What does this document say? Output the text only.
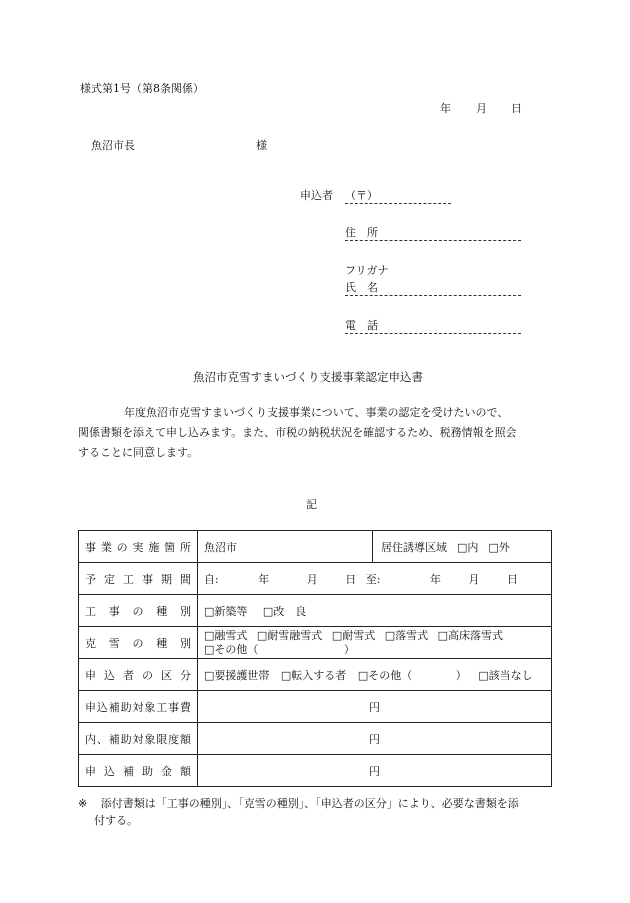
様式第1号（第8条関係）
年 月 日
魚沼市長	様
申込者 （〒）
住　所
フリガナ
氏　名
電　話
魚沼市克雪すまいづくり支援事業認定申込書
年度魚沼市克雪すまいづくり支援事業について、事業の認定を受けたいので、
関係書類を添えて申し込みます。また、市税の納税状況を確認するため、税務情報を照会
することに同意します。
記
事業の実施箇所	魚沼市 居住誘導区域 □内 □外

予定工事期間	自: 年 月 日 至: 年 月 日
工事の種別	□新築等 □改　良
克雪の種別	□融雪式 □耐雪融雪式 □耐雪式 □落雪式 □高床落雪式
□その他（ ）

申込者の区分	□要援護世帯 □転入する者 □その他（ ） □該当なし
申込補助対象工事費	円
内、補助対象限度額	円
申込補助金額	円
※ 添付書類は「工事の種別」、「克雪の種別」、「申込者の区分」により、必要な書類を添
付する。
